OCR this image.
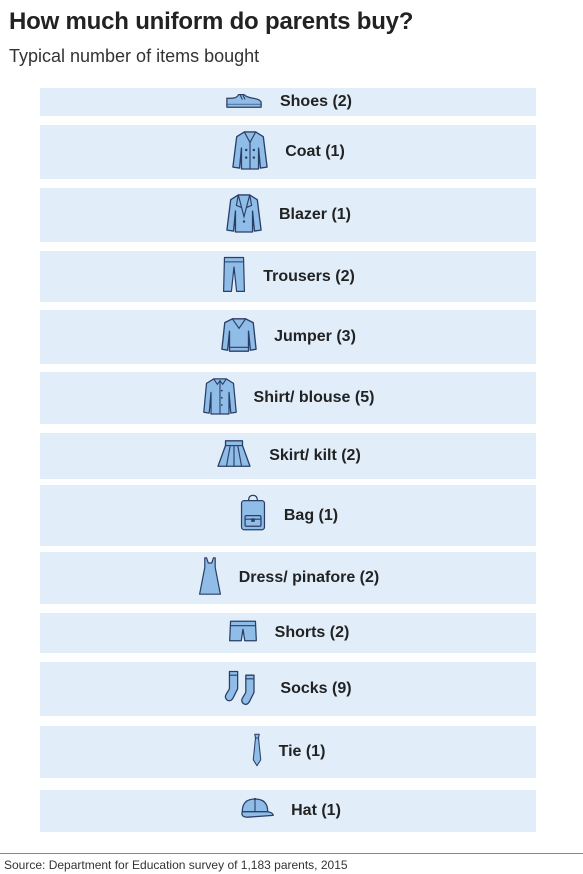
How much uniform do parents buy?
Typical number of items bought
Shoes (2)
Coat (1)
Blazer (1)
Trousers (2)
Jumper (3)
Shirt/ blouse (5)
Skirt/ kilt (2)
Bag (1)
Dress/ pinafore (2)
Shorts (2)
Socks (9)
Tie (1)
Hat (1)
Source: Department for Education survey of 1,183 parents, 2015
